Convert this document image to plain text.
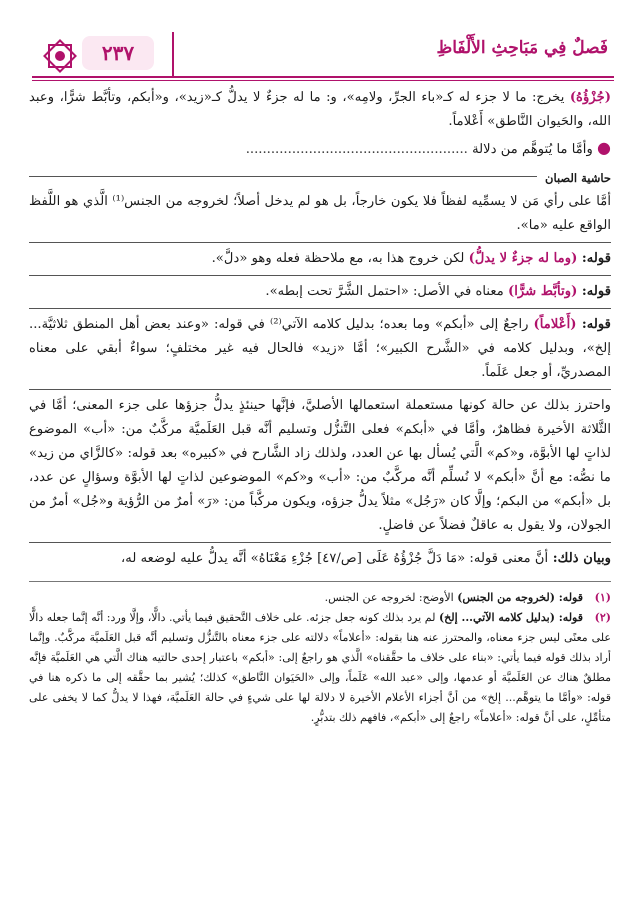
٢٣٧	فَصلٌ فِي مَبَاحِثِ الأَلْفَاظِ

(جُزْؤُهُ) يخرج: ما لا جزء له كـ«باء الجرِّ، ولامِه»، و: ما له جزءٌ لا يدلُّ كـ«زيد»، و«أبكم، وتأبَّط شرًّا، وعبد الله، والحَيوان النَّاطق» أَعْلاماً.

● وأمَّا ما يُتوهَّم من دلالة .....................................................

حاشية الصبان

أمَّا على رأي مَن لا يسمِّيه لفظاً فلا يكون خارجاً، بل هو لم يدخل أصلاً؛ لخروجه من الجنس⁽¹⁾ الَّذي هو اللَّفظ الواقع عليه «ما».

قوله: (وما له جزءٌ لا يدلُّ) لكن خروج هذا به، مع ملاحظة فعله وهو «دلَّ».

قوله: (وتأبَّط شرًّا) معناه في الأصل: «احتمل الشَّرَّ تحت إبطه».

قوله: (أَعْلاماً) راجعٌ إلى «أبكم» وما بعده؛ بدليل كلامه الآتي⁽²⁾ في قوله: «وعند بعض أهل المنطق ثلاثيَّة... إلخ»، وبدليل كلامه في «الشَّرح الكبير»؛ أمَّا «زيد» فالحال فيه غير مختلفٍ؛ سواءٌ أبقي على معناه المصدريِّ، أو جعل عَلَماً.

واحترز بذلك عن حالة كونها مستعملة استعمالها الأصليَّ، فإنَّها حينئذٍ يدلُّ جزؤها على جزء المعنى؛ أمَّا في الثَّلاثة الأخيرة فظاهرٌ، وأمَّا في «أبكم» فعلى التَّنزُّل وتسليم أنَّه قبل العَلَميَّة مركَّبٌ من: «أب» الموضوع لذاتٍ لها الأبوَّة، و«كم» الَّتي يُسأل بها عن العدد، ولذلك زاد الشَّارح في «كبيره» بعد قوله: «كالزَّاي من زيد» ما نصُّه: مع أنَّ «أبكم» لا نُسلِّم أنَّه مركَّبٌ من: «أب» و«كم» الموضوعين لذاتٍ لها الأبوَّة وسؤالٍ عن عدد، بل «أبكم» من البكم؛ وإلَّا كان «رَجُل» مثلاً يدلُّ جزؤه، ويكون مركَّباً من: «رَ» أمرٌ من الرُّؤية و«جُل» أمرٌ من الجولان، ولا يقول به عاقلٌ فضلاً عن فاضلٍ.

وبيان ذلك: أنَّ معنى قوله: «مَا دَلَّ جُزْؤُهُ عَلَى [ص/٤٧] جُزْءِ مَعْنَاهُ» أنَّه يدلُّ عليه لوضعه له،

(١)قوله: (لخروجه من الجنس) الأوضح: لخروجه عن الجنس.

(٢)قوله: (بدليل كلامه الآتي... إلخ) لم يرد بذلك كونه جعل جزئه. على خلاف التَّحقيق فيما يأتي. دالًّا، وإلَّا ورد: أنَّه إنَّما جعله دالًّا على معنًى ليس جزء معناه، والمحترز عنه هنا بقوله: «أعلاماً» دلالته على جزء معناه بالتَّنزُّل وتسليم أنَّه قبل العَلَميَّة مركَّبٌ. وإنَّما أراد بذلك قوله فيما يأتي: «بناء على خلاف ما حقَّقناه» الَّذي هو راجعٌ إلى: «أبكم» باعتبار إحدى حالتيه هناك الَّتي هي العَلَميَّة فإنَّه مطلقٌ هناك عن العَلَميَّة أو عدمها، وإلى «عبد الله» عَلَماً، وإلى «الحَيَوان النَّاطق» كذلك؛ يُشير بما حقَّقه إلى ما ذكره هنا في قوله: «وأمَّا ما يتوهَّم... إلخ» من أنَّ أجزاء الأعلام الأخيرة لا دلالة لها على شيءٍ في حالة العَلَميَّة، فهذا لا يدلُّ كما لا يخفى على متأمِّلٍ، على أنَّ قوله: «أعلاماً» راجعٌ إلى «أبكم»، فافهم ذلك بتدبُّرٍ.
